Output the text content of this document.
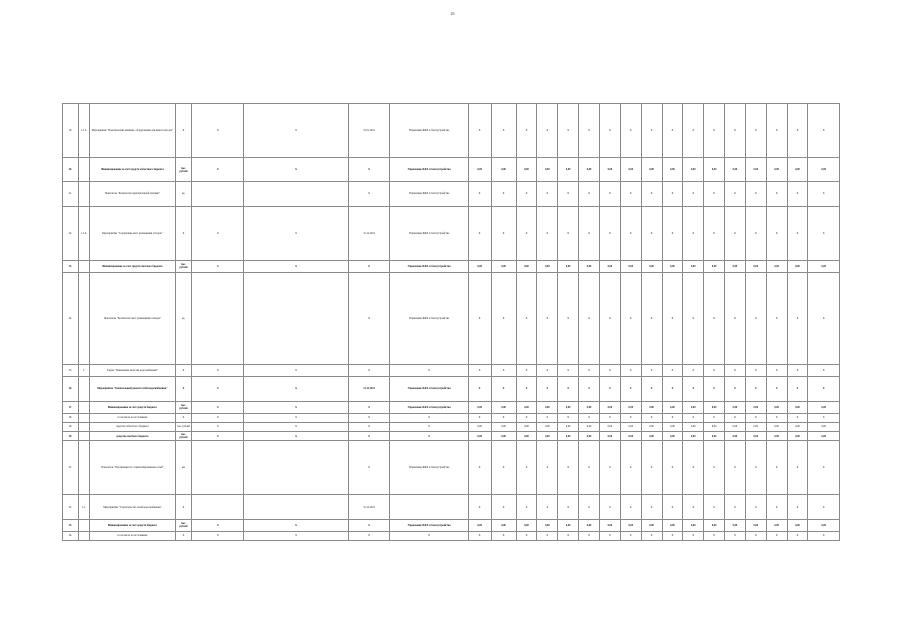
26
19.	1.1.3.	Мероприятие "Приобретение машины, оборудования для вывоза мусора"	Х	Х	Х	31.01.2021	Управление ЖКХ и благоустройства	Х	Х	Х	Х	Х	Х	Х	Х	Х	Х	Х	Х	Х	Х	Х	Х	Х
20.		Финансирование за счет средств областного бюджета	тыс. рублей	Х	Х	Х	Управление ЖКХ и благоустройства	0,00	0,00	0,00	0,00	0,00	0,00	0,00	0,00	0,00	0,00	0,00	0,00	0,00	0,00	0,00	0,00	0,00
21.		Показатель "Количество приобретенной техники"	ед.			Х	Управление ЖКХ и благоустройства	Х	Х	Х	Х	Х	Х	Х	Х	Х	Х	Х	Х	Х	Х	Х	Х	Х
22.	1.1.4.	Мероприятие "Содержание мест размещения отходов"	Х	Х	Х	31.12.2021	Управление ЖКХ и благоустройства	Х	Х	Х	Х	Х	Х	Х	Х	Х	Х	Х	Х	Х	Х	Х	Х	Х
23.		Финансирование за счет средств местного бюджета	тыс. рублей	Х	Х	Х	Управление ЖКХ и благоустройства	0,00	0,00	0,00	0,00	0,00	0,00	0,00	0,00	0,00	0,00	0,00	0,00	0,00	0,00	0,00	0,00	0,00
24.		Показатель "Количество мест размещения отходов"	ед.			Х	Управление ЖКХ и благоустройства	Х	Х	Х	Х	Х	Х	Х	Х	Х	Х	Х	Х	Х	Х	Х	Х	Х
25.	1.	Задача "Повышение качества водоснабжения"	Х	Х	Х	Х	Х	Х	Х	Х	Х	Х	Х	Х	Х	Х	Х	Х	Х	Х	Х	Х	Х	Х
26.		Мероприятие "Капитальный ремонт сетей водоснабжения"	Х	Х	Х	31.12.2021	Управление ЖКХ и благоустройства	Х	Х	Х	Х	Х	Х	Х	Х	Х	Х	Х	Х	Х	Х	Х	Х	Х
27.		Финансирование за счет средств бюджета	тыс. рублей	Х	Х	Х	Управление ЖКХ и благоустройства	0,00	0,00	0,00	0,00	0,00	0,00	0,00	0,00	0,00	0,00	0,00	0,00	0,00	0,00	0,00	0,00	0,00
28.		в том числе по источникам	Х	Х	Х	Х	Х	Х	Х	Х	Х	Х	Х	Х	Х	Х	Х	Х	Х	Х	Х	Х	Х	Х
29.		средства областного бюджета	тыс. рублей	Х	Х	Х	Х	0,00	0,00	0,00	0,00	0,00	0,00	0,00	0,00	0,00	0,00	0,00	0,00	0,00	0,00	0,00	0,00	0,00
30.		средства местного бюджета	тыс. рублей	Х	Х	Х	Х	0,00	0,00	0,00	0,00	0,00	0,00	0,00	0,00	0,00	0,00	0,00	0,00	0,00	0,00	0,00	0,00	0,00
31.		Показатель "Протяженность отремонтированных сетей"	км			Х	Управление ЖКХ и благоустройства	Х	Х	Х	Х	Х	Х	Х	Х	Х	Х	Х	Х	Х	Х	Х	Х	Х
32.	1.1.	Мероприятие "Строительство сетей водоснабжения"	Х			31.12.2021		Х	Х	Х	Х	Х	Х	Х	Х	Х	Х	Х	Х	Х	Х	Х	Х	Х
33.		Финансирование за счет средств бюджета	тыс. рублей	Х	Х	Х	Управление ЖКХ и благоустройства	0,00	0,00	0,00	0,00	0,00	0,00	0,00	0,00	0,00	0,00	0,00	0,00	0,00	0,00	0,00	0,00	0,00
34.		в том числе по источникам	Х	Х	Х	Х	Х	Х	Х	Х	Х	Х	Х	Х	Х	Х	Х	Х	Х	Х	Х	Х	Х	Х
